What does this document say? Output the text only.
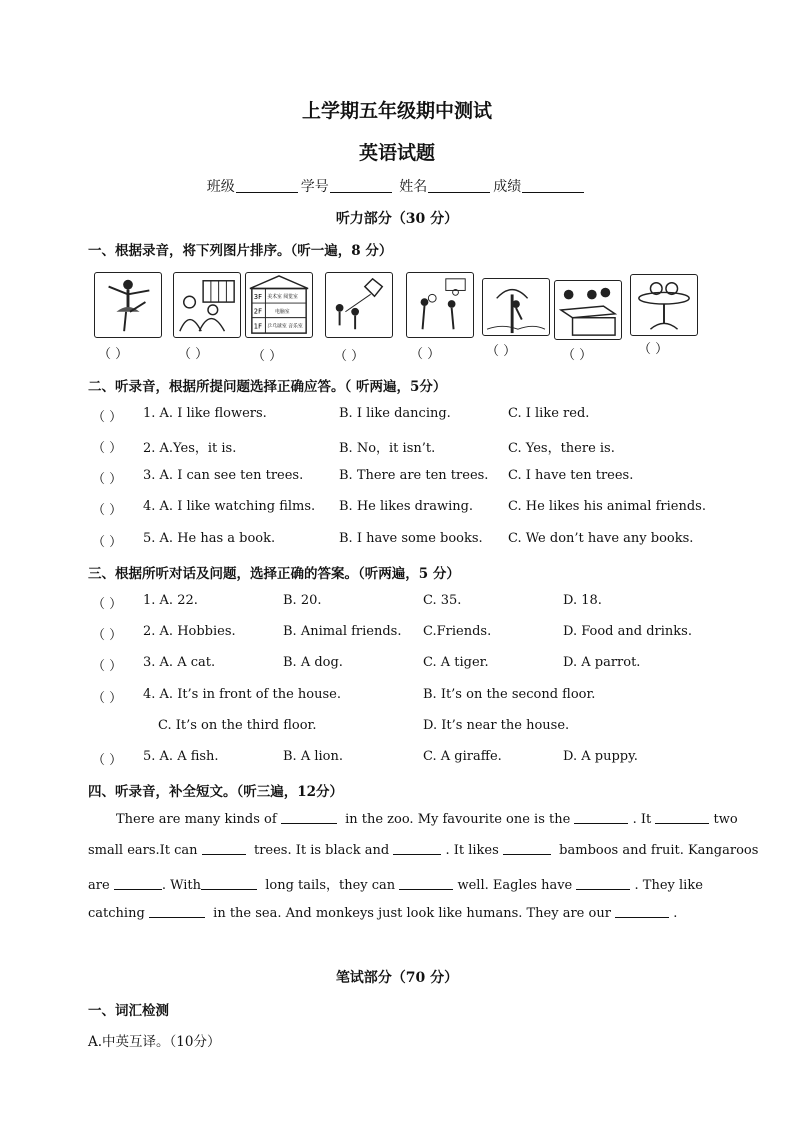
上学期五年级期中测试
英语试题
班级	学号	姓名	成绩
听力部分（30 分）
一、根据录音，将下列图片排序。（听一遍，8 分）
3F
2F
1F
美术室 阅览室
电脑室
乒乓球室 音乐室
（ ）	（ ）	（ ）	（ ）	（ ）	（ ）	（ ）	（ ）
二、听录音，根据所提问题选择正确应答。（ 听两遍，5分）
（ ） 1. A. I like flowers.	B. I like dancing.	C. I like red.
（ ） 2. A.Yes，it is.	B. No，it isn’t.	C. Yes，there is.
（ ） 3. A. I can see ten trees.	B. There are ten trees. C. I have ten trees.
（ ） 4. A. I like watching films. B. He likes drawing.	C. He likes his animal friends.
（ ） 5. A. He has a book.	B. I have some books. C. We don’t have any books.
三、根据所听对话及问题，选择正确的答案。（听两遍，5 分）
（ ） 1. A. 22.	B. 20.	C. 35.	D. 18.
（ ） 2. A. Hobbies.	B. Animal friends. C.Friends.	D. Food and drinks.
（ ） 3. A. A cat.	B. A dog.	C. A tiger.	D. A parrot.
（ ） 4. A. It’s in front of the house.	B. It’s on the second floor.
C. It’s on the third floor.	D. It’s near the house.
（ ） 5. A. A fish.	B. A lion.	C. A giraffe.	D. A puppy.
四、听录音，补全短文。（听三遍，12分）
There are many kinds of	in the zoo. My favourite one is the	. It	two
small ears.It can	trees. It is black and	. It likes	bamboos and fruit. Kangaroos
are	. With	long tails，they can	well. Eagles have	. They like
catching	in the sea. And monkeys just look like humans. They are our	.
笔试部分（70 分）
一、词汇检测
A.中英互译。（10分）
